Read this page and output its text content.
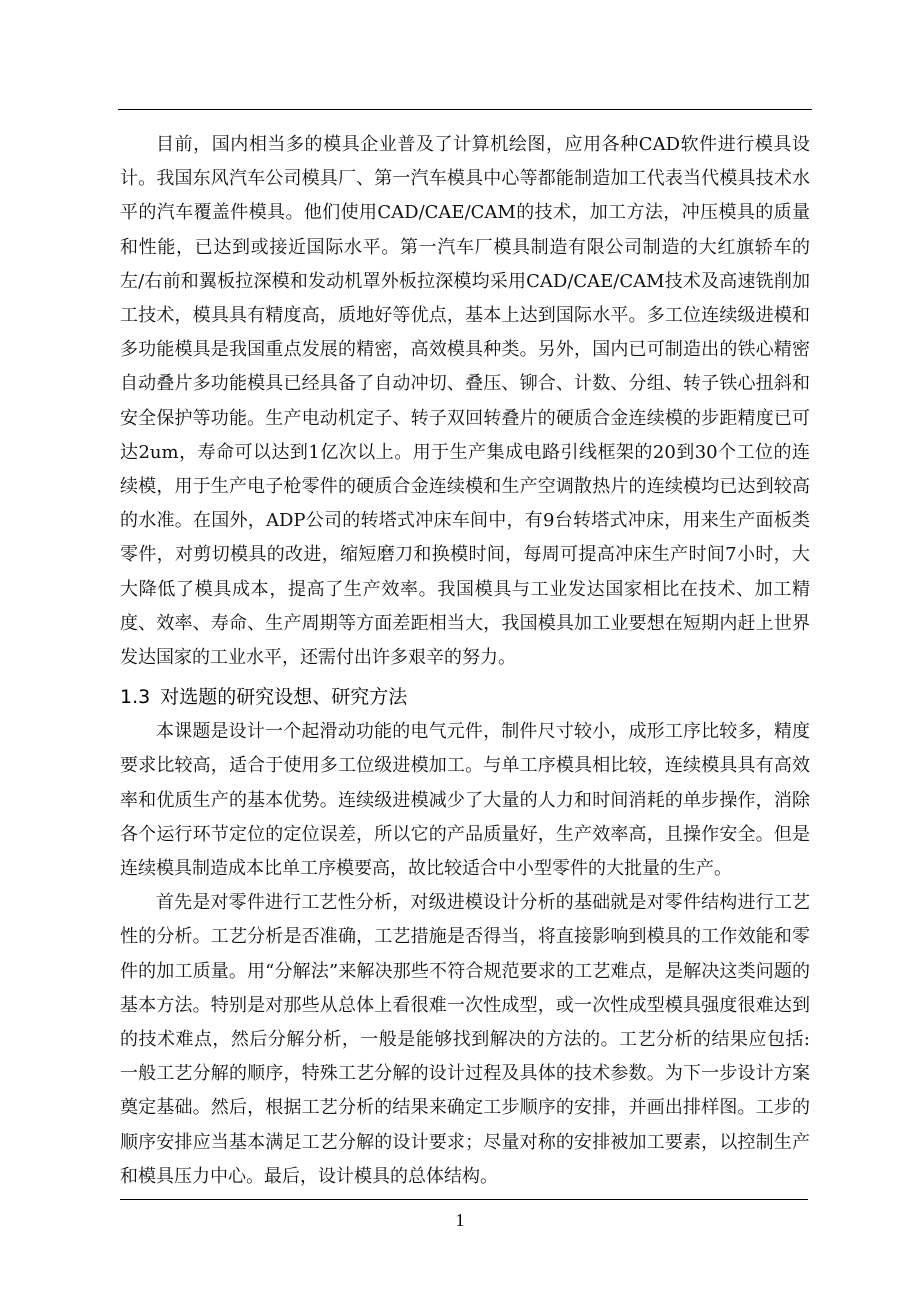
目前，国内相当多的模具企业普及了计算机绘图，应用各种CAD软件进行模具设计。我国东风汽车公司模具厂、第一汽车模具中心等都能制造加工代表当代模具技术水平的汽车覆盖件模具。他们使用CAD/CAE/CAM的技术，加工方法，冲压模具的质量和性能，已达到或接近国际水平。第一汽车厂模具制造有限公司制造的大红旗轿车的左/右前和翼板拉深模和发动机罩外板拉深模均采用CAD/CAE/CAM技术及高速铣削加工技术，模具具有精度高，质地好等优点，基本上达到国际水平。多工位连续级进模和多功能模具是我国重点发展的精密，高效模具种类。另外，国内已可制造出的铁心精密自动叠片多功能模具已经具备了自动冲切、叠压、铆合、计数、分组、转子铁心扭斜和安全保护等功能。生产电动机定子、转子双回转叠片的硬质合金连续模的步距精度已可达2um，寿命可以达到1亿次以上。用于生产集成电路引线框架的20到30个工位的连续模，用于生产电子枪零件的硬质合金连续模和生产空调散热片的连续模均已达到较高的水准。在国外，ADP公司的转塔式冲床车间中，有9台转塔式冲床，用来生产面板类零件，对剪切模具的改进，缩短磨刀和换模时间，每周可提高冲床生产时间7小时，大大降低了模具成本，提高了生产效率。我国模具与工业发达国家相比在技术、加工精度、效率、寿命、生产周期等方面差距相当大，我国模具加工业要想在短期内赶上世界发达国家的工业水平，还需付出许多艰辛的努力。

1.3 对选题的研究设想、研究方法

本课题是设计一个起滑动功能的电气元件，制件尺寸较小，成形工序比较多，精度要求比较高，适合于使用多工位级进模加工。与单工序模具相比较，连续模具具有高效率和优质生产的基本优势。连续级进模减少了大量的人力和时间消耗的单步操作，消除各个运行环节定位的定位误差，所以它的产品质量好，生产效率高，且操作安全。但是连续模具制造成本比单工序模要高，故比较适合中小型零件的大批量的生产。

首先是对零件进行工艺性分析，对级进模设计分析的基础就是对零件结构进行工艺性的分析。工艺分析是否准确，工艺措施是否得当，将直接影响到模具的工作效能和零件的加工质量。用“分解法”来解决那些不符合规范要求的工艺难点，是解决这类问题的基本方法。特别是对那些从总体上看很难一次性成型，或一次性成型模具强度很难达到的技术难点，然后分解分析，一般是能够找到解决的方法的。工艺分析的结果应包括:一般工艺分解的顺序，特殊工艺分解的设计过程及具体的技术参数。为下一步设计方案奠定基础。然后，根据工艺分析的结果来确定工步顺序的安排，并画出排样图。工步的顺序安排应当基本满足工艺分解的设计要求；尽量对称的安排被加工要素，以控制生产和模具压力中心。最后，设计模具的总体结构。

1
